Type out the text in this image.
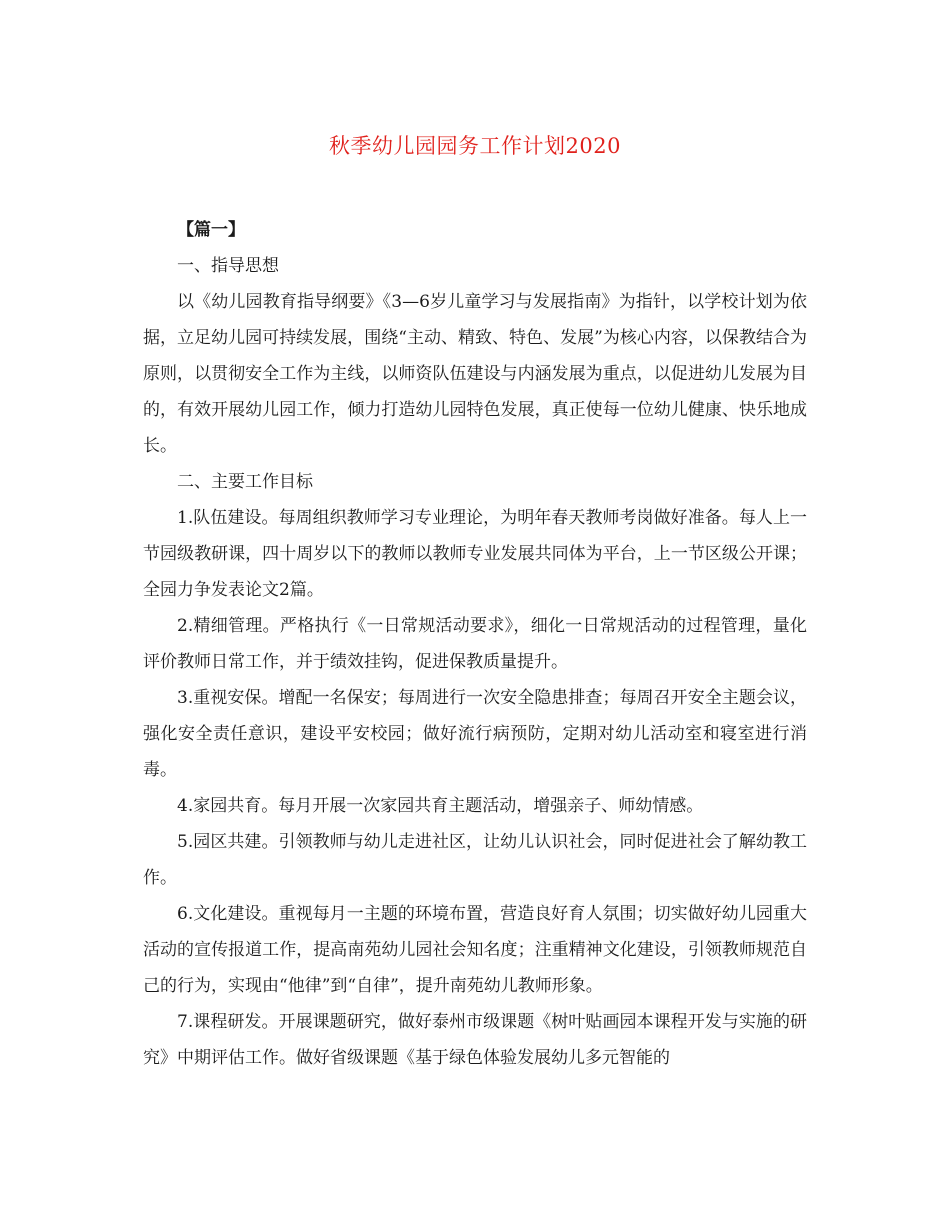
秋季幼儿园园务工作计划2020

【篇一】

一、指导思想

以《幼儿园教育指导纲要》《3—6岁儿童学习与发展指南》为指针，以学校计划为依据，立足幼儿园可持续发展，围绕“主动、精致、特色、发展”为核心内容，以保教结合为原则，以贯彻安全工作为主线，以师资队伍建设与内涵发展为重点，以促进幼儿发展为目的，有效开展幼儿园工作，倾力打造幼儿园特色发展，真正使每一位幼儿健康、快乐地成长。

二、主要工作目标

1.队伍建设。每周组织教师学习专业理论，为明年春天教师考岗做好准备。每人上一节园级教研课，四十周岁以下的教师以教师专业发展共同体为平台，上一节区级公开课；全园力争发表论文2篇。

2.精细管理。严格执行《一日常规活动要求》，细化一日常规活动的过程管理，量化评价教师日常工作，并于绩效挂钩，促进保教质量提升。

3.重视安保。增配一名保安；每周进行一次安全隐患排查；每周召开安全主题会议，强化安全责任意识，建设平安校园；做好流行病预防，定期对幼儿活动室和寝室进行消毒。

4.家园共育。每月开展一次家园共育主题活动，增强亲子、师幼情感。

5.园区共建。引领教师与幼儿走进社区，让幼儿认识社会，同时促进社会了解幼教工作。

6.文化建设。重视每月一主题的环境布置，营造良好育人氛围；切实做好幼儿园重大活动的宣传报道工作，提高南苑幼儿园社会知名度；注重精神文化建设，引领教师规范自己的行为，实现由“他律”到“自律”，提升南苑幼儿教师形象。

7.课程研发。开展课题研究，做好泰州市级课题《树叶贴画园本课程开发与实施的研究》中期评估工作。做好省级课题《基于绿色体验发展幼儿多元智能的
